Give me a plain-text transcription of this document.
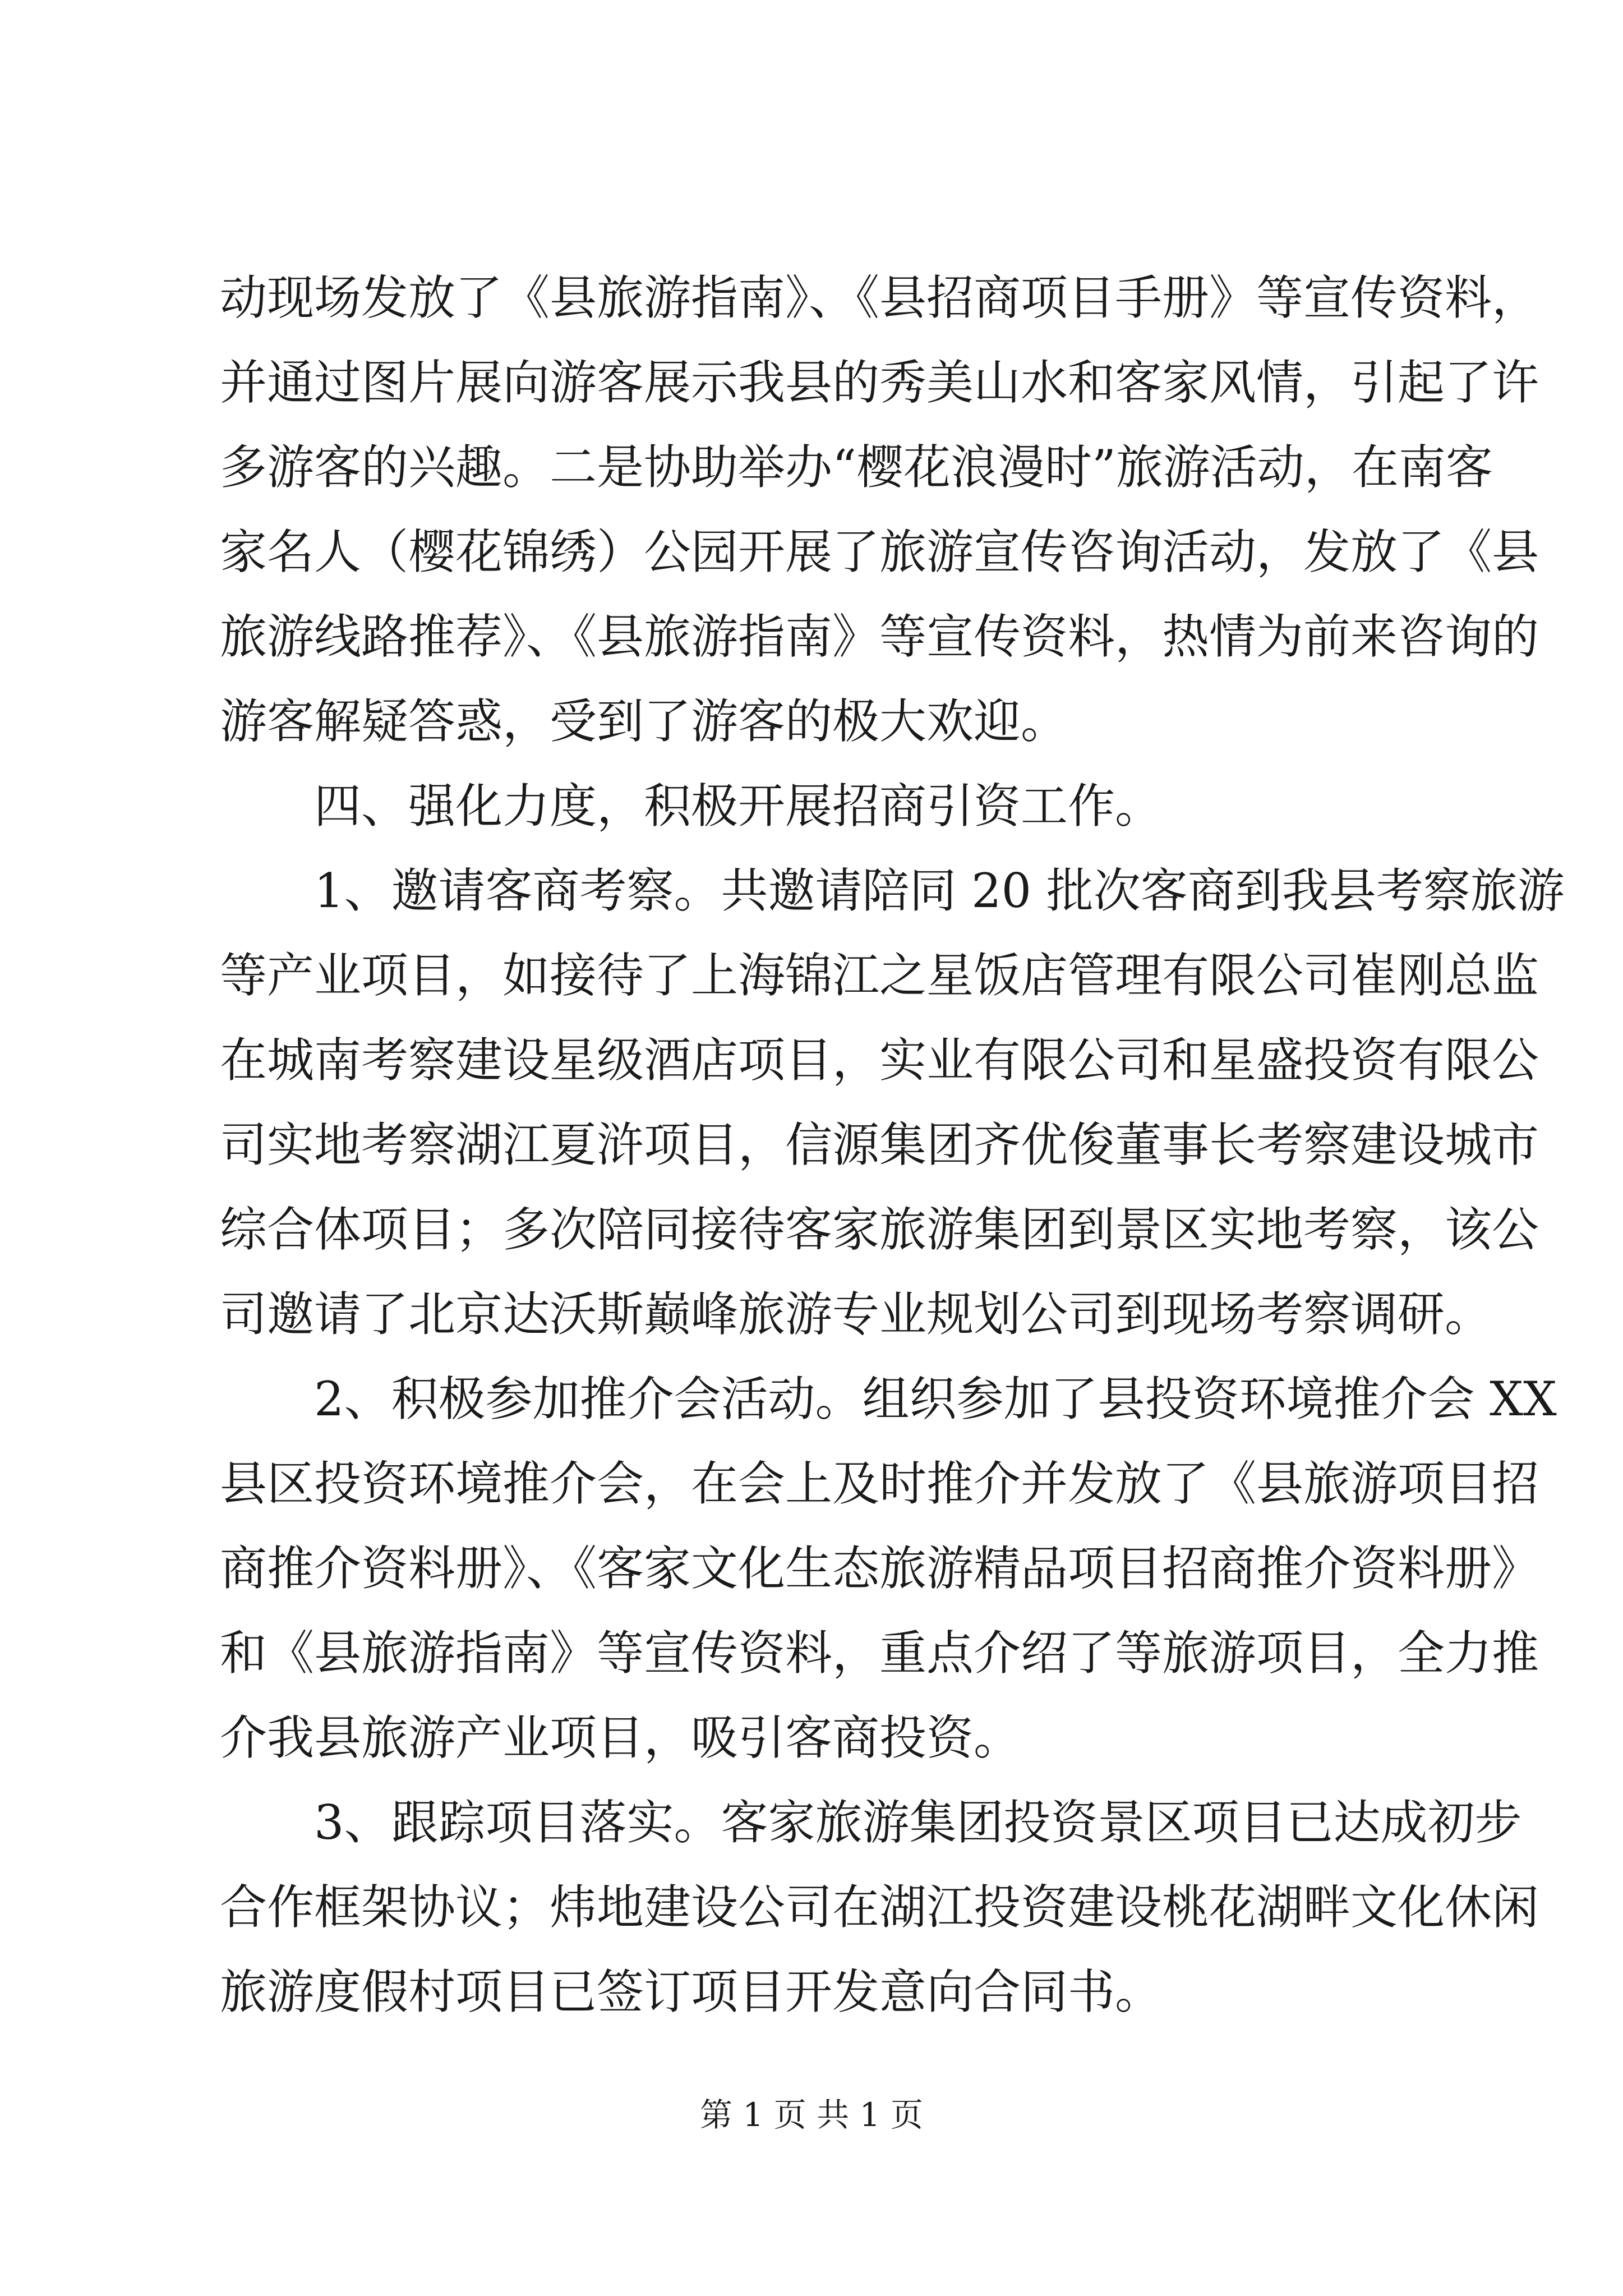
动现场发放了《县旅游指南》、《县招商项目手册》等宣传资料，
并通过图片展向游客展示我县的秀美山水和客家风情，引起了许
多游客的兴趣。二是协助举办“樱花浪漫时”旅游活动，在南客
家名人（樱花锦绣）公园开展了旅游宣传咨询活动，发放了《县
旅游线路推荐》、《县旅游指南》等宣传资料，热情为前来咨询的
游客解疑答惑，受到了游客的极大欢迎。
　　四、强化力度，积极开展招商引资工作。
　　1、邀请客商考察。共邀请陪同 20 批次客商到我县考察旅游
等产业项目，如接待了上海锦江之星饭店管理有限公司崔刚总监
在城南考察建设星级酒店项目，实业有限公司和星盛投资有限公
司实地考察湖江夏浒项目，信源集团齐优俊董事长考察建设城市
综合体项目；多次陪同接待客家旅游集团到景区实地考察，该公
司邀请了北京达沃斯巅峰旅游专业规划公司到现场考察调研。
　　2、积极参加推介会活动。组织参加了县投资环境推介会 XX
县区投资环境推介会，在会上及时推介并发放了《县旅游项目招
商推介资料册》、《客家文化生态旅游精品项目招商推介资料册》
和《县旅游指南》等宣传资料，重点介绍了等旅游项目，全力推
介我县旅游产业项目，吸引客商投资。
　　3、跟踪项目落实。客家旅游集团投资景区项目已达成初步
合作框架协议；炜地建设公司在湖江投资建设桃花湖畔文化休闲
旅游度假村项目已签订项目开发意向合同书。
第 1 页 共 1 页
